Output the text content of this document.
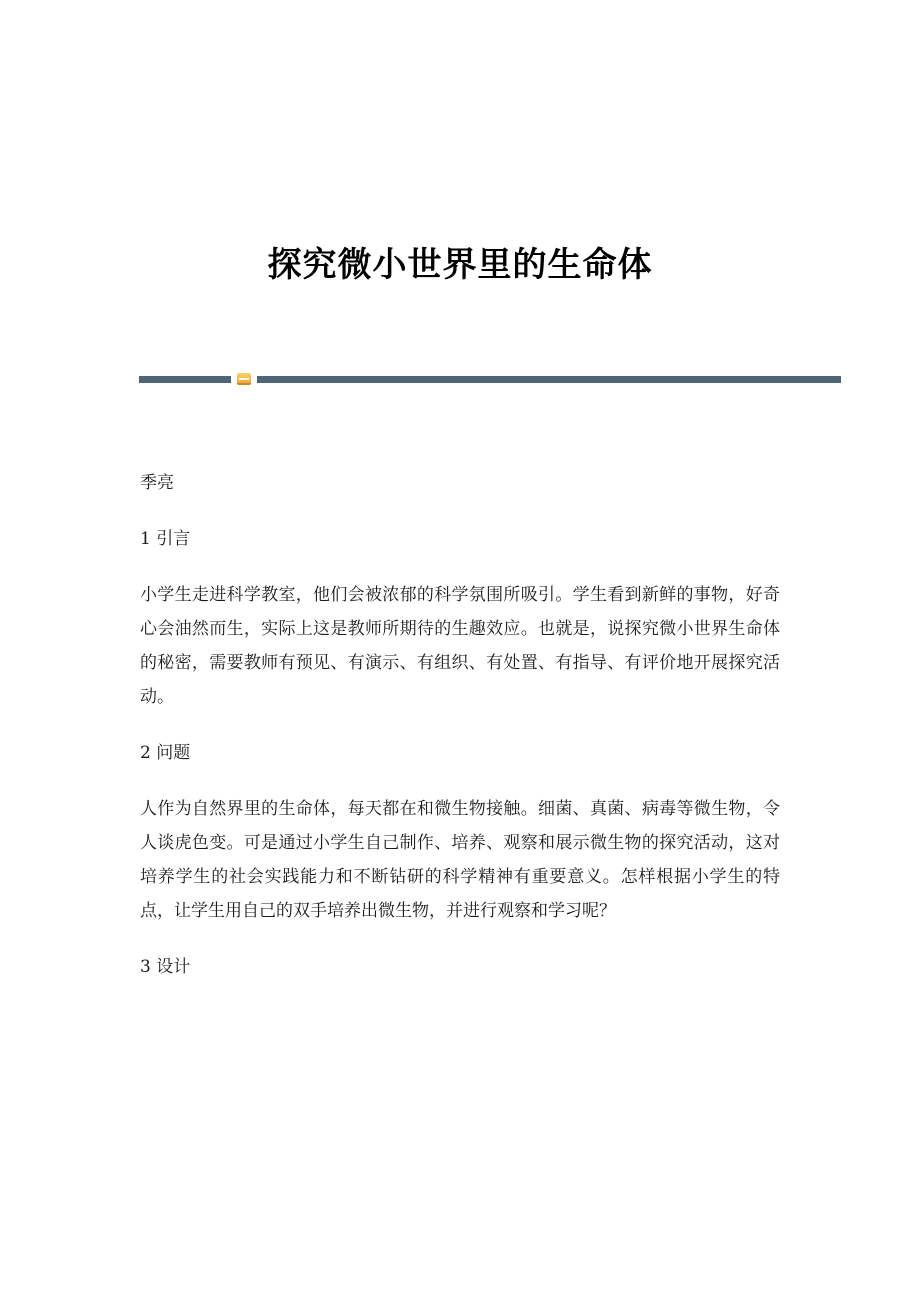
探究微小世界里的生命体

季亮

1 引言

小学生走进科学教室，他们会被浓郁的科学氛围所吸引。学生看到新鲜的事物，好奇心会油然而生，实际上这是教师所期待的生趣效应。也就是，说探究微小世界生命体的秘密，需要教师有预见、有演示、有组织、有处置、有指导、有评价地开展探究活动。

2 问题

人作为自然界里的生命体，每天都在和微生物接触。细菌、真菌、病毒等微生物，令人谈虎色变。可是通过小学生自己制作、培养、观察和展示微生物的探究活动，这对培养学生的社会实践能力和不断钻研的科学精神有重要意义。怎样根据小学生的特点，让学生用自己的双手培养出微生物，并进行观察和学习呢？

3 设计
